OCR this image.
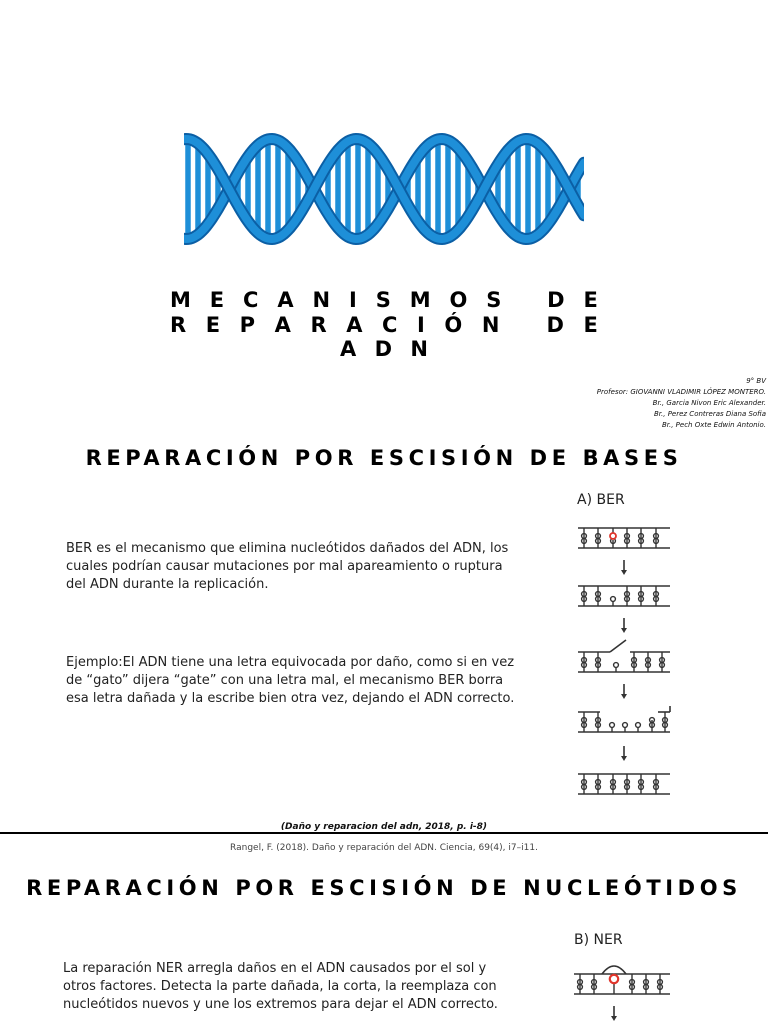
M E C A N I S M O S D E
R E P A R A C I Ó N D E
A D N
9° BV
Profesor: GIOVANNI VLADIMIR LÓPEZ MONTERO.
Br., Garcia Nivon Eric Alexander.
Br., Perez Contreras Diana Sofia
Br., Pech Oxte Edwin Antonio.
REPARACIÓN POR ESCISIÓN DE BASES
BER es el mecanismo que elimina nucleótidos dañados del ADN, los cuales podrían causar mutaciones por mal apareamiento o ruptura del ADN durante la replicación.
Ejemplo:El ADN tiene una letra equivocada por daño, como si en vez de “gato” dijera “gate” con una letra mal, el mecanismo BER borra esa letra dañada y la escribe bien otra vez, dejando el ADN correcto.
A) BER
(Daño y reparacion del adn, 2018, p. i-8)
Rangel, F. (2018). Daño y reparación del ADN. Ciencia, 69(4), i7–i11.
REPARACIÓN POR ESCISIÓN DE NUCLEÓTIDOS
B) NER
La reparación NER arregla daños en el ADN causados por el sol y otros factores. Detecta la parte dañada, la corta, la reemplaza con nucleótidos nuevos y une los extremos para dejar el ADN correcto.
